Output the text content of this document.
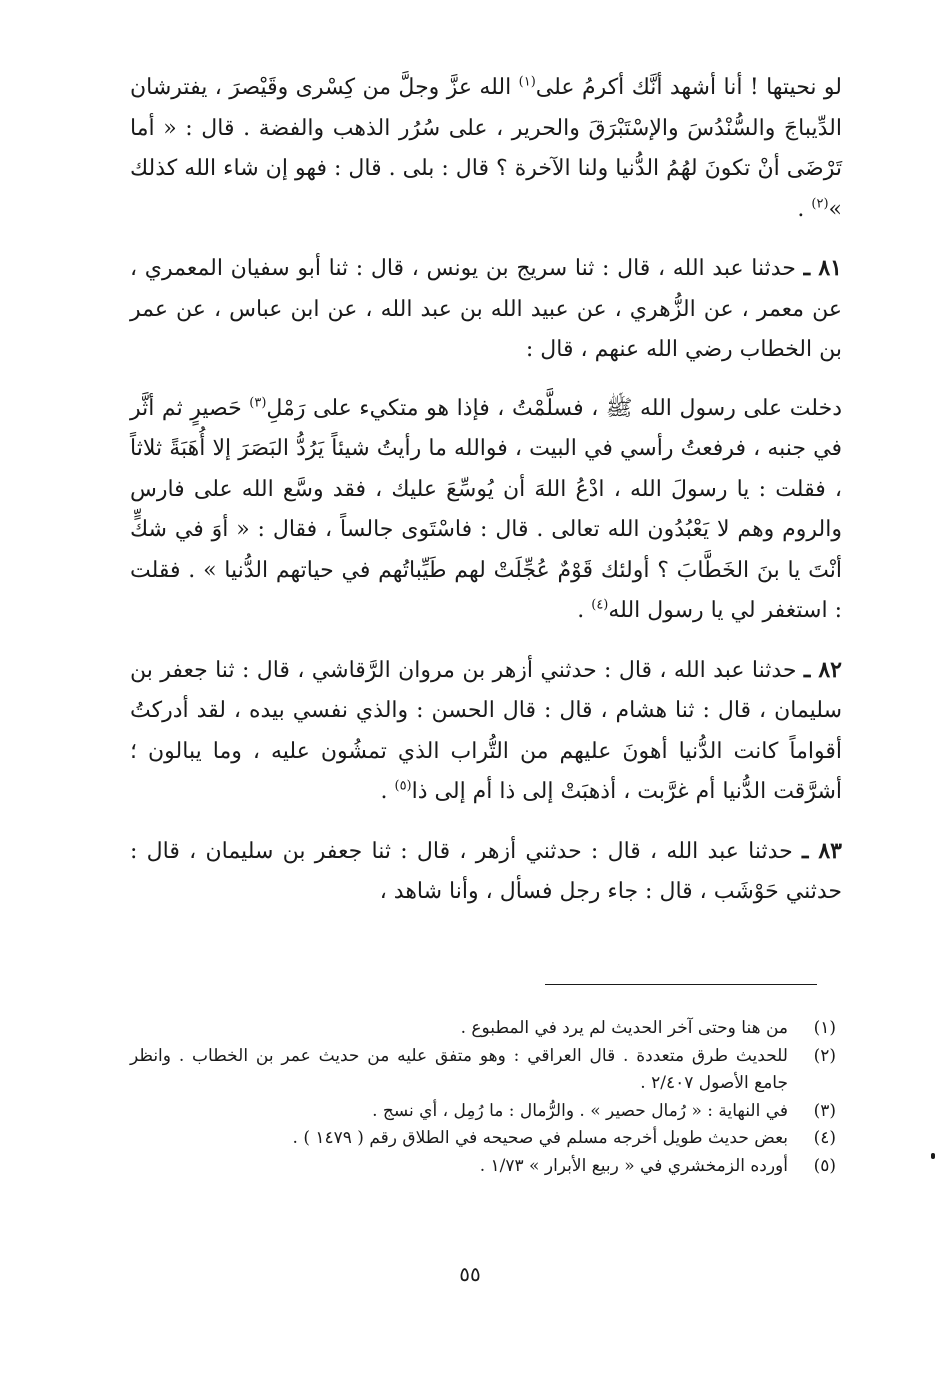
لو نحيتها ! أنا أشهد أنَّك أكرمُ على$^{(١)}$ الله عزَّ وجلَّ من كِسْرى وقَيْصرَ ، يفترشان الدِّيباجَ والسُّنْدُسَ والإسْتَبْرَقَ والحرير ، على سُرُر الذهب والفضة . قال : « أما تَرْضَى أنْ تكونَ لهُمُ الدُّنيا ولنا الآخرة ؟ قال : بلى . قال : فهو إن شاء الله كذلك »$^{(٢)}$ .

٨١ ـ حدثنا عبد الله ، قال : ثنا سريج بن يونس ، قال : ثنا أبو سفيان المعمري ، عن معمر ، عن الزُّهري ، عن عبيد الله بن عبد الله ، عن ابن عباس ، عن عمر بن الخطاب رضي الله عنهم ، قال :

دخلت على رسول الله ﷺ ، فسلَّمْتُ ، فإذا هو متكيء على رَمْلِ$^{(٣)}$ حَصيرٍ ثم أثَّر في جنبه ، فرفعتُ رأسي في البيت ، فوالله ما رأيتُ شيئاً يَرُدُّ البَصَرَ إلا أُهَبَةً ثلاثاً ، فقلت : يا رسولَ الله ، ادْعُ اللهَ أن يُوسِّعَ عليك ، فقد وسَّع الله على فارس والروم وهم لا يَعْبُدُون الله تعالى . قال : فاسْتَوى جالساً ، فقال : « أوَ في شكٍّ أنْتَ يا بنَ الخَطَّابَ ؟ أولئك قَوْمٌ عُجِّلَتْ لهم طَيِّباتُهم في حياتهم الدُّنيا » . فقلت : استغفر لي يا رسول الله$^{(٤)}$ .

٨٢ ـ حدثنا عبد الله ، قال : حدثني أزهر بن مروان الرَّقاشي ، قال : ثنا جعفر بن سليمان ، قال : ثنا هشام ، قال : قال الحسن : والذي نفسي بيده ، لقد أدركتُ أقواماً كانت الدُّنيا أهونَ عليهم من التُّراب الذي تمشُون عليه ، وما يبالون ؛ أشرَّقت الدُّنيا أم غرَّبت ، أذهبَتْ إلى ذا أم إلى ذا$^{(٥)}$ .

٨٣ ـ حدثنا عبد الله ، قال : حدثني أزهر ، قال : ثنا جعفر بن سليمان ، قال : حدثني حَوْشَب ، قال : جاء رجل فسأل ، وأنا شاهد ،

(١)
من هنا وحتى آخر الحديث لم يرد في المطبوع .
(٢)
للحديث طرق متعددة . قال العراقي : وهو متفق عليه من حديث عمر بن الخطاب . وانظر جامع الأصول ٢/٤٠٧ .
(٣)
في النهاية : « رُمال حصير » . والرُّمال : ما رُمِل ، أي نسج .
(٤)
بعض حديث طويل أخرجه مسلم في صحيحه في الطلاق رقم ( ١٤٧٩ ) .
(٥)
أورده الزمخشري في « ربيع الأبرار » ١/٧٣ .
٥٥
